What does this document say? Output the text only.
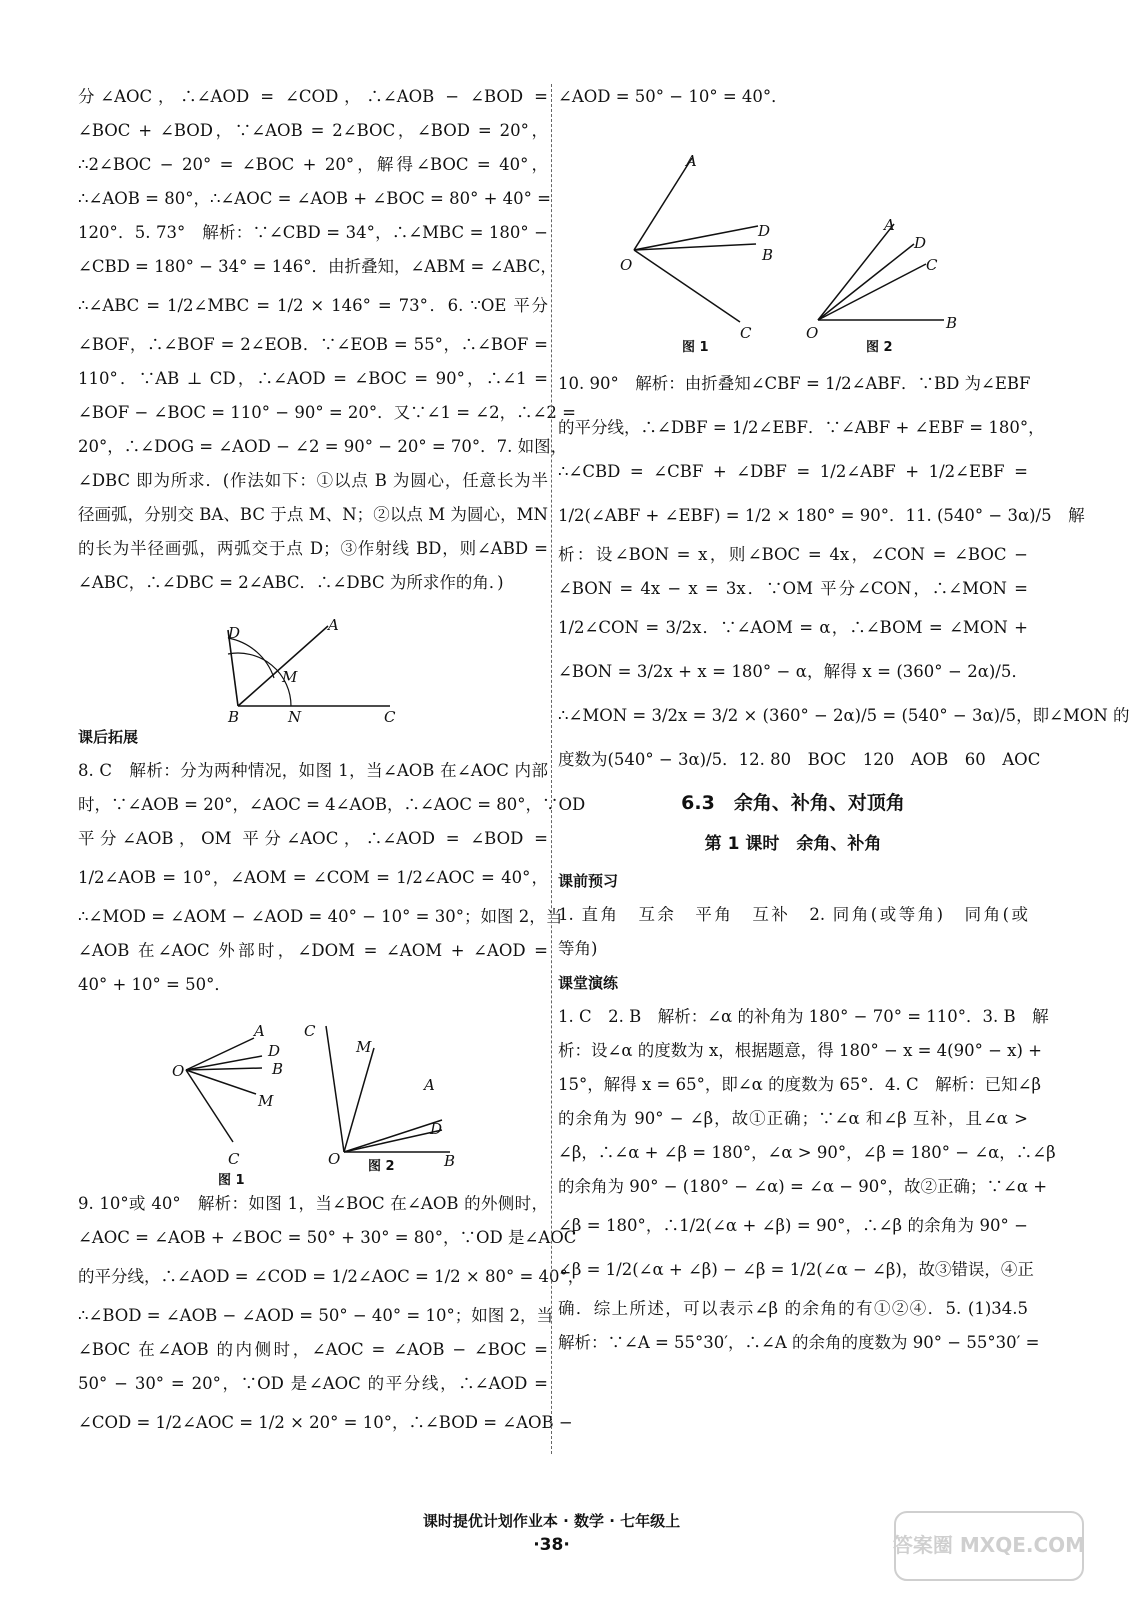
分∠AOC，∴∠AOD = ∠COD，∴∠AOB − ∠BOD =
∠BOC + ∠BOD，∵∠AOB = 2∠BOC，∠BOD = 20°，
∴2∠BOC − 20° = ∠BOC + 20°，解得∠BOC = 40°，
∴∠AOB = 80°，∴∠AOC = ∠AOB + ∠BOC = 80° + 40° =
120°．5. 73°　解析：∵∠CBD = 34°，∴∠MBC = 180° −
∠CBD = 180° − 34° = 146°．由折叠知，∠ABM = ∠ABC，
∴∠ABC = 1/2∠MBC = 1/2 × 146° = 73°．6. ∵OE 平分
∠BOF，∴∠BOF = 2∠EOB．∵∠EOB = 55°，∴∠BOF =
110°．∵AB ⊥ CD，∴∠AOD = ∠BOC = 90°，∴∠1 =
∠BOF − ∠BOC = 110° − 90° = 20°．又∵∠1 = ∠2，∴∠2 =
20°，∴∠DOG = ∠AOD − ∠2 = 90° − 20° = 70°．7. 如图，
∠DBC 即为所求．(作法如下：①以点 B 为圆心，任意长为半
径画弧，分别交 BA、BC 于点 M、N；②以点 M 为圆心，MN
的长为半径画弧，两弧交于点 D；③作射线 BD，则∠ABD =
∠ABC，∴∠DBC = 2∠ABC．∴∠DBC 为所求作的角．)
D	A
M
B	N	C
课后拓展
8. C　解析：分为两种情况，如图 1，当∠AOB 在∠AOC 内部
时，∵∠AOB = 20°，∠AOC = 4∠AOB，∴∠AOC = 80°，∵OD
平分∠AOB，OM 平分∠AOC，∴∠AOD = ∠BOD =
1/2∠AOB = 10°，∠AOM = ∠COM = 1/2∠AOC = 40°，
∴∠MOD = ∠AOM − ∠AOD = 40° − 10° = 30°；如图 2，当
∠AOB 在∠AOC 外部时，∠DOM = ∠AOM + ∠AOD =
40° + 10° = 50°．
A
D
B
O
M
C
图 1
C
M
A
D
O	B
图 2
9. 10°或 40°　解析：如图 1，当∠BOC 在∠AOB 的外侧时，
∠AOC = ∠AOB + ∠BOC = 50° + 30° = 80°，∵OD 是∠AOC
的平分线，∴∠AOD = ∠COD = 1/2∠AOC = 1/2 × 80° = 40°，
∴∠BOD = ∠AOB − ∠AOD = 50° − 40° = 10°；如图 2，当
∠BOC 在∠AOB 的内侧时，∠AOC = ∠AOB − ∠BOC =
50° − 30° = 20°，∵OD 是∠AOC 的平分线，∴∠AOD =
∠COD = 1/2∠AOC = 1/2 × 20° = 10°，∴∠BOD = ∠AOB −
∠AOD = 50° − 10° = 40°．
A
D
B
O
C
A
D
C
O
B
图 1	图 2
10. 90°　解析：由折叠知∠CBF = 1/2∠ABF．∵BD 为∠EBF
的平分线，∴∠DBF = 1/2∠EBF．∵∠ABF + ∠EBF = 180°，
∴∠CBD = ∠CBF + ∠DBF = 1/2∠ABF + 1/2∠EBF =
1/2(∠ABF + ∠EBF) = 1/2 × 180° = 90°．11. (540° − 3α)/5　解
析：设∠BON = x，则∠BOC = 4x，∠CON = ∠BOC −
∠BON = 4x − x = 3x．∵OM 平分∠CON，∴∠MON =
1/2∠CON = 3/2x．∵∠AOM = α，∴∠BOM = ∠MON +
∠BON = 3/2x + x = 180° − α，解得 x = (360° − 2α)/5．
∴∠MON = 3/2x = 3/2 × (360° − 2α)/5 = (540° − 3α)/5，即∠MON 的
度数为(540° − 3α)/5．12. 80　BOC　120　AOB　60　AOC
6.3　余角、补角、对顶角
第 1 课时　余角、补角
课前预习
1. 直角　互余　平角　互补　2. 同角(或等角)　同角(或
等角)
课堂演练
1. C　2. B　解析：∠α 的补角为 180° − 70° = 110°．3. B　解
析：设∠α 的度数为 x，根据题意，得 180° − x = 4(90° − x) +
15°，解得 x = 65°，即∠α 的度数为 65°．4. C　解析：已知∠β
的余角为 90° − ∠β，故①正确；∵∠α 和∠β 互补，且∠α >
∠β，∴∠α + ∠β = 180°，∠α > 90°，∠β = 180° − ∠α，∴∠β
的余角为 90° − (180° − ∠α) = ∠α − 90°，故②正确；∵∠α +
∠β = 180°，∴1/2(∠α + ∠β) = 90°，∴∠β 的余角为 90° −
∠β = 1/2(∠α + ∠β) − ∠β = 1/2(∠α − ∠β)，故③错误，④正
确．综上所述，可以表示∠β 的余角的有①②④．5. (1)34.5
解析：∵∠A = 55°30′，∴∠A 的余角的度数为 90° − 55°30′ =
课时提优计划作业本 · 数学 · 七年级上
·38·	答案圈 MXQE.COM
